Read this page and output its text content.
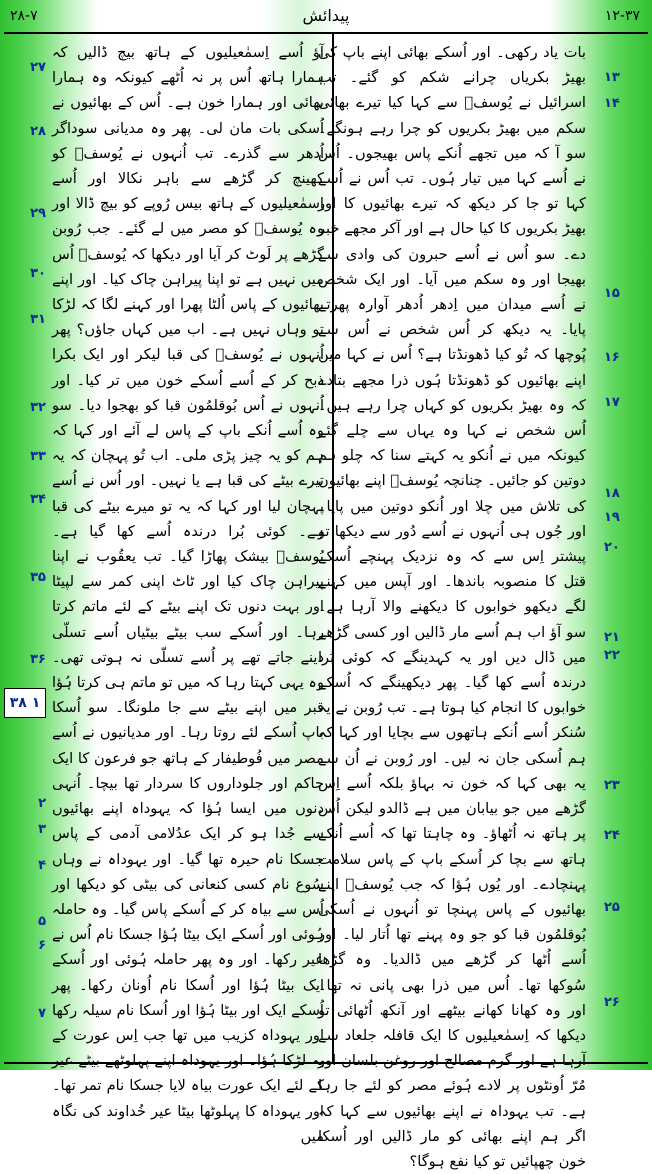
۲۸-۷	پیدائش	۱۲-۳۷

بات یاد رکھی۔ اور اُسکے بھائی اپنے باپ کی بھیڑ بکریاں چرانے شکم کو گئے۔ تب اسرائیل نے یُوسفؔ سے کہا کیا تیرے بھائی سکم میں بھیڑ بکریوں کو چرا رہے ہونگے۔ سو آ کہ میں تجھے اُنکے پاس بھیجوں۔ اُس نے اُسے کہا میں تیار ہُوں۔ تب اُس نے اُسے کہا تو جا کر دیکھ کہ تیرے بھائیوں کا اور بھیڑ بکریوں کا کیا حال ہے اور آکر مجھے خبر دے۔ سو اُس نے اُسے حبرون کی وادی سے بھیجا اور وہ سکم میں آیا۔ اور ایک شخص نے اُسے میدان میں اِدھر اُدھر آوارہ پھرتے پایا۔ یہ دیکھ کر اُس شخص نے اُس سے پُوچھا کہ تُو کیا ڈھونڈتا ہے؟ اُس نے کہا میں اپنے بھائیوں کو ڈھونڈتا ہُوں ذرا مجھے بتادے کہ وہ بھیڑ بکریوں کو کہاں چرا رہے ہیں۔ اُس شخص نے کہا وہ یہاں سے چلے گئے کیونکہ میں نے اُنکو یہ کہتے سنا کہ چلو ہم دوتین کو جائیں۔ چنانچہ یُوسفؔ اپنے بھائیوں کی تلاش میں چلا اور اُنکو دوتین میں پایا۔ اور جُوں ہی اُنہوں نے اُسے دُور سے دیکھا تو پیشتر اِس سے کہ وہ نزدیک پہنچے اُسکے قتل کا منصوبہ باندھا۔ اور آپس میں کہنے لگے دیکھو خوابوں کا دیکھنے والا آرہا ہے۔ سو آؤ اب ہم اُسے مار ڈالیں اور کسی گڑھے میں ڈال دیں اور یہ کہدینگے کہ کوئی بُرا درندہ اُسے کھا گیا۔ پھر دیکھینگے کہ اُسکے خوابوں کا انجام کیا ہوتا ہے۔ تب رُوبن نے یہ سُنکر اُسے اُنکے ہاتھوں سے بچایا اور کہا کہ ہم اُسکی جان نہ لیں۔ اور رُوبن نے اُن سے یہ بھی کہا کہ خون نہ بہاؤ بلکہ اُسے اِس گڑھے میں جو بیابان میں ہے ڈالدو لیکن اُس پر ہاتھ نہ اُٹھاؤ۔ وہ چاہتا تھا کہ اُسے اُنکے ہاتھ سے بچا کر اُسکے باپ کے پاس سلامت پہنچادے۔ اور یُوں ہُؤا کہ جب یُوسفؔ اپنے بھائیوں کے پاس پہنچا تو اُنہوں نے اُسکی بُوقلمُون قبا کو جو وہ پہنے تھا اُتار لیا۔ اور اُسے اُٹھا کر گڑھے میں ڈالدیا۔ وہ گڑھا سُوکھا تھا۔ اُس میں ذرا بھی پانی نہ تھا۔ اور وہ کھانا کھانے بیٹھے اور آنکھ اُٹھائی تو دیکھا کہ اِسمٰعیلیوں کا ایک قافلہ جلعاد سے آرہا ہے اور گرم مصالح اور روغن بلسان اور مُرّ اُونٹوں پر لادے ہُوئے مصر کو لئے جا رہا ہے۔ تب یہوداہ نے اپنے بھائیوں سے کہا کہ اگر ہم اپنے بھائی کو مار ڈالیں اور اُسکا خون چھپائیں تو کیا نفع ہوگا؟

آؤ اُسے اِسمٰعیلیوں کے ہاتھ بیچ ڈالیں کہ ہمارا ہاتھ اُس پر نہ اُٹھے کیونکہ وہ ہمارا بھائی اور ہمارا خون ہے۔ اُس کے بھائیوں نے اُسکی بات مان لی۔ پھر وہ مدیانی سوداگر اُدھر سے گذرے۔ تب اُنہوں نے یُوسفؔ کو کھینچ کر گڑھے سے باہر نکالا اور اُسے اِسمٰعیلیوں کے ہاتھ بیس رُوپے کو بیچ ڈالا اور وہ یُوسفؔ کو مصر میں لے گئے۔ جب رُوبن گڑھے پر لَوٹ کر آیا اور دیکھا کہ یُوسفؔ اُس میں نہیں ہے تو اپنا پیراہن چاک کیا۔ اور اپنے بھائیوں کے پاس اُلٹا پھرا اور کہنے لگا کہ لڑکا تو وہاں نہیں ہے۔ اب میں کہاں جاؤں؟ پھر اُنہوں نے یُوسفؔ کی قبا لیکر اور ایک بکرا ذبح کر کے اُسے اُسکے خون میں تر کیا۔ اور اُنہوں نے اُس بُوقلمُون قبا کو بھجوا دیا۔ سو وہ اُسے اُنکے باپ کے پاس لے آئے اور کہا کہ ہم کو یہ چیز پڑی ملی۔ اب تُو پہچان کہ یہ تیرے بیٹے کی قبا ہے یا نہیں۔ اور اُس نے اُسے پہچان لیا اور کہا کہ یہ تو میرے بیٹے کی قبا ہے۔ کوئی بُرا درندہ اُسے کھا گیا ہے۔ یُوسفؔ بیشک پھاڑا گیا۔ تب یعقُوب نے اپنا پیراہن چاک کیا اور ٹاٹ اپنی کمر سے لپیٹا اور بہت دنوں تک اپنے بیٹے کے لئے ماتم کرتا رہا۔ اور اُسکے سب بیٹے بیٹیاں اُسے تسلّی دینے جاتے تھے پر اُسے تسلّی نہ ہوتی تھی۔ وہ یہی کہتا رہا کہ میں تو ماتم ہی کرتا ہُؤا قبر میں اپنے بیٹے سے جا ملونگا۔ سو اُسکا باپ اُسکے لئے روتا رہا۔ اور مدیانیوں نے اُسے مصر میں فُوطیفار کے ہاتھ جو فرعون کا ایک حاکم اور جلوداروں کا سردار تھا بیچا۔ اُنہی دنوں میں ایسا ہُؤا کہ یہوداہ اپنے بھائیوں سے جُدا ہو کر ایک عدُلامی آدمی کے پاس جسکا نام حیرہ تھا گیا۔ اور یہوداہ نے وہاں سُوع نام کسی کنعانی کی بیٹی کو دیکھا اور اُس سے بیاہ کر کے اُسکے پاس گیا۔ وہ حاملہ ہُوئی اور اُسکے ایک بیٹا ہُؤا جسکا نام اُس نے عیر رکھا۔ اور وہ پھر حاملہ ہُوئی اور اُسکے ایک بیٹا ہُؤا اور اُسکا نام اُونان رکھا۔ پھر اُسکے ایک اور بیٹا ہُؤا اور اُسکا نام سیلہ رکھا اور یہوداہ کزیب میں تھا جب اِس عورت کے یہ لڑکا ہُؤا۔ اور یہوداہ اپنے پہلوٹھے بیٹے عیر کے لئے ایک عورت بیاہ لایا جسکا نام تمر تھا۔ اور یہوداہ کا پہلوٹھا بیٹا عیر خُداوند کی نگاہ میں

۱۳
۱۴
۱۵
۱۶
۱۷
۱۸
۱۹
۲۰
۲۱
۲۲
۲۳
۲۴
۲۵
۲۶
۲۷
۲۸
۲۹
۳۰
۳۱
۳۲
۳۳
۳۴
۳۵
۳۶
۲
۳
۴
۵
۶
۷
۳۸ ۱
